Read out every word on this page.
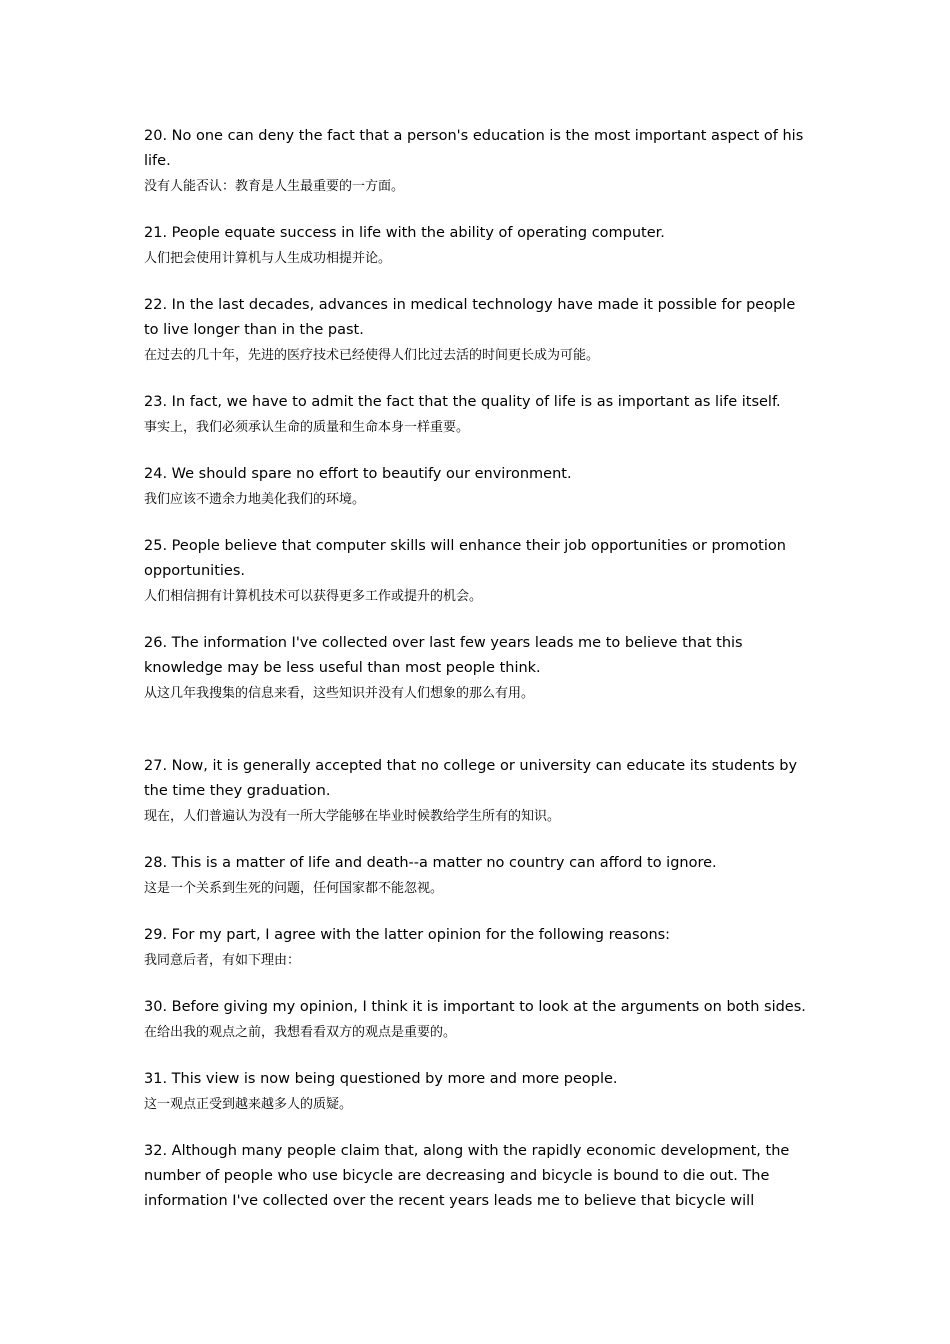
20. No one can deny the fact that a person's education is the most important aspect of his life.

没有人能否认：教育是人生最重要的一方面。

21. People equate success in life with the ability of operating computer.

人们把会使用计算机与人生成功相提并论。

22. In the last decades, advances in medical technology have made it possible for people to live longer than in the past.

在过去的几十年，先进的医疗技术已经使得人们比过去活的时间更长成为可能。

23. In fact, we have to admit the fact that the quality of life is as important as life itself.

事实上，我们必须承认生命的质量和生命本身一样重要。

24. We should spare no effort to beautify our environment.

我们应该不遗余力地美化我们的环境。

25. People believe that computer skills will enhance their job opportunities or promotion opportunities.

人们相信拥有计算机技术可以获得更多工作或提升的机会。

26. The information I've collected over last few years leads me to believe that this knowledge may be less useful than most people think.

从这几年我搜集的信息来看，这些知识并没有人们想象的那么有用。

27. Now, it is generally accepted that no college or university can educate its students by the time they graduation.

现在，人们普遍认为没有一所大学能够在毕业时候教给学生所有的知识。

28. This is a matter of life and death--a matter no country can afford to ignore.

这是一个关系到生死的问题，任何国家都不能忽视。

29. For my part, I agree with the latter opinion for the following reasons:

我同意后者，有如下理由：

30. Before giving my opinion, I think it is important to look at the arguments on both sides.

在给出我的观点之前，我想看看双方的观点是重要的。

31. This view is now being questioned by more and more people.

这一观点正受到越来越多人的质疑。

32. Although many people claim that, along with the rapidly economic development, the number of people who use bicycle are decreasing and bicycle is bound to die out. The information I've collected over the recent years leads me to believe that bicycle will
